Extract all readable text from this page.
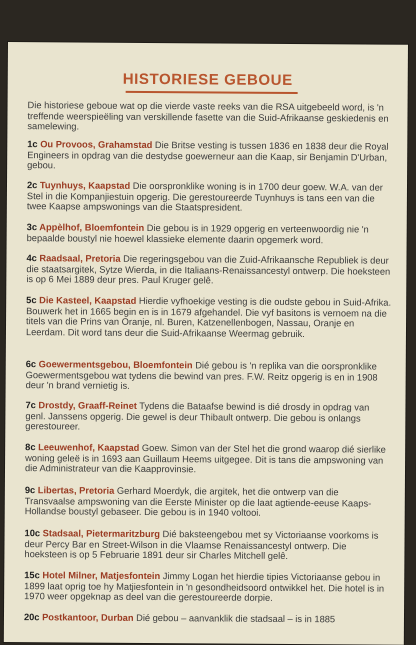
HISTORIESE GEBOUE
Die historiese geboue wat op die vierde vaste reeks van die RSA uitgebeeld word, is 'n treffende weerspieëling van verskillende fasette van die Suid-Afrikaanse geskiedenis en samelewing.
1c Ou Provoos, Grahamstad Die Britse vesting is tussen 1836 en 1838 deur die Royal Engineers in opdrag van die destydse goewerneur aan die Kaap, sir Benjamin D'Urban, gebou.
2c Tuynhuys, Kaapstad Die oorspronklike woning is in 1700 deur goew. W.A. van der Stel in die Kompanjiestuin opgerig. Die gerestoureerde Tuynhuys is tans een van die twee Kaapse ampswonings van die Staatspresident.
3c Appèlhof, Bloemfontein Die gebou is in 1929 opgerig en verteenwoordig nie 'n bepaalde boustyl nie hoewel klassieke elemente daarin opgemerk word.
4c Raadsaal, Pretoria Die regeringsgebou van die Zuid-Afrikaansche Republiek is deur die staatsargitek, Sytze Wierda, in die Italiaans-Renaissancestyl ontwerp. Die hoeksteen is op 6 Mei 1889 deur pres. Paul Kruger gelê.
5c Die Kasteel, Kaapstad Hierdie vyfhoekige vesting is die oudste gebou in Suid-Afrika. Bouwerk het in 1665 begin en is in 1679 afgehandel. Die vyf basitons is vernoem na die titels van die Prins van Oranje, nl. Buren, Katzenellenbogen, Nassau, Oranje en Leerdam. Dit word tans deur die Suid-Afrikaanse Weermag gebruik.
6c Goewermentsgebou, Bloemfontein Dié gebou is 'n replika van die oorspronklike Goewermentsgebou wat tydens die bewind van pres. F.W. Reitz opgerig is en in 1908 deur 'n brand vernietig is.
7c Drostdy, Graaff-Reinet Tydens die Bataafse bewind is dié drosdy in opdrag van genl. Janssens opgerig. Die gewel is deur Thibault ontwerp. Die gebou is onlangs gerestoureer.
8c Leeuwenhof, Kaapstad Goew. Simon van der Stel het die grond waarop dié sierlike woning geleë is in 1693 aan Guillaum Heems uitgegee. Dit is tans die ampswoning van die Administrateur van die Kaapprovinsie.
9c Libertas, Pretoria Gerhard Moerdyk, die argitek, het die ontwerp van die Transvaalse ampswoning van die Eerste Minister op die laat agtiende-eeuse Kaaps-Hollandse boustyl gebaseer. Die gebou is in 1940 voltooi.
10c Stadsaal, Pietermaritzburg Dié baksteengebou met sy Victoriaanse voorkoms is deur Percy Bar en Street-Wilson in die Vlaamse Renaissancestyl ontwerp. Die hoeksteen is op 5 Februarie 1891 deur sir Charles Mitchell gelê.
15c Hotel Milner, Matjesfontein Jimmy Logan het hierdie tipies Victoriaanse gebou in 1899 laat oprig toe hy Matjiesfontein in 'n gesondheidsoord ontwikkel het. Die hotel is in 1970 weer opgeknap as deel van die gerestoureerde dorpie.
20c Postkantoor, Durban Dié gebou – aanvanklik die stadsaal – is in 1885
